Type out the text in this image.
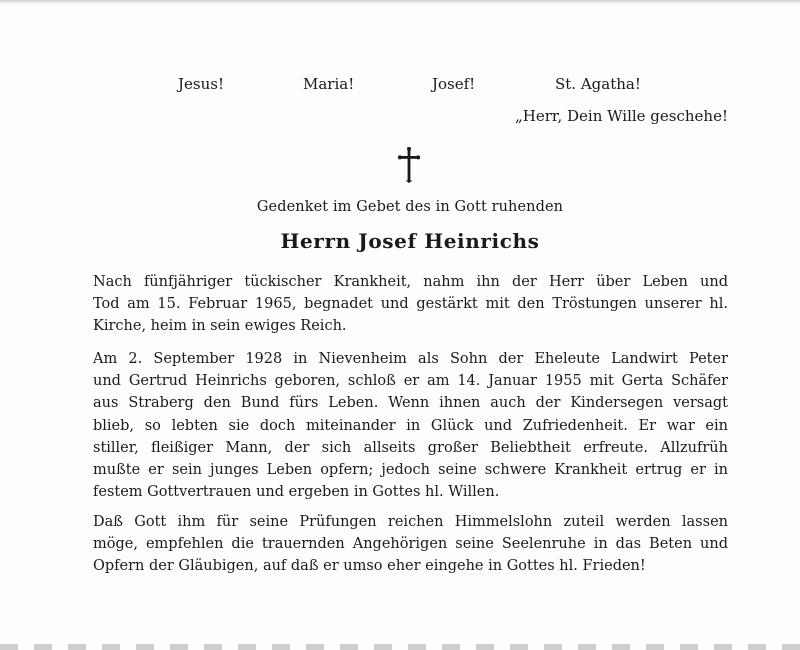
Jesus!	Maria!	Josef!	St. Agatha!
„Herr, Dein Wille geschehe!
Gedenket im Gebet des in Gott ruhenden
Herrn Josef Heinrichs
Nach fünfjähriger tückischer Krankheit, nahm ihn der Herr über Leben und
Tod am 15. Februar 1965, begnadet und gestärkt mit den Tröstungen unserer hl.
Kirche, heim in sein ewiges Reich.
Am 2. September 1928 in Nievenheim als Sohn der Eheleute Landwirt Peter
und Gertrud Heinrichs geboren, schloß er am 14. Januar 1955 mit Gerta Schäfer
aus Straberg den Bund fürs Leben. Wenn ihnen auch der Kindersegen versagt
blieb, so lebten sie doch miteinander in Glück und Zufriedenheit. Er war ein
stiller, fleißiger Mann, der sich allseits großer Beliebtheit erfreute. Allzufrüh
mußte er sein junges Leben opfern; jedoch seine schwere Krankheit ertrug er in
festem Gottvertrauen und ergeben in Gottes hl. Willen.
Daß Gott ihm für seine Prüfungen reichen Himmelslohn zuteil werden lassen
möge, empfehlen die trauernden Angehörigen seine Seelenruhe in das Beten und
Opfern der Gläubigen, auf daß er umso eher eingehe in Gottes hl. Frieden!
